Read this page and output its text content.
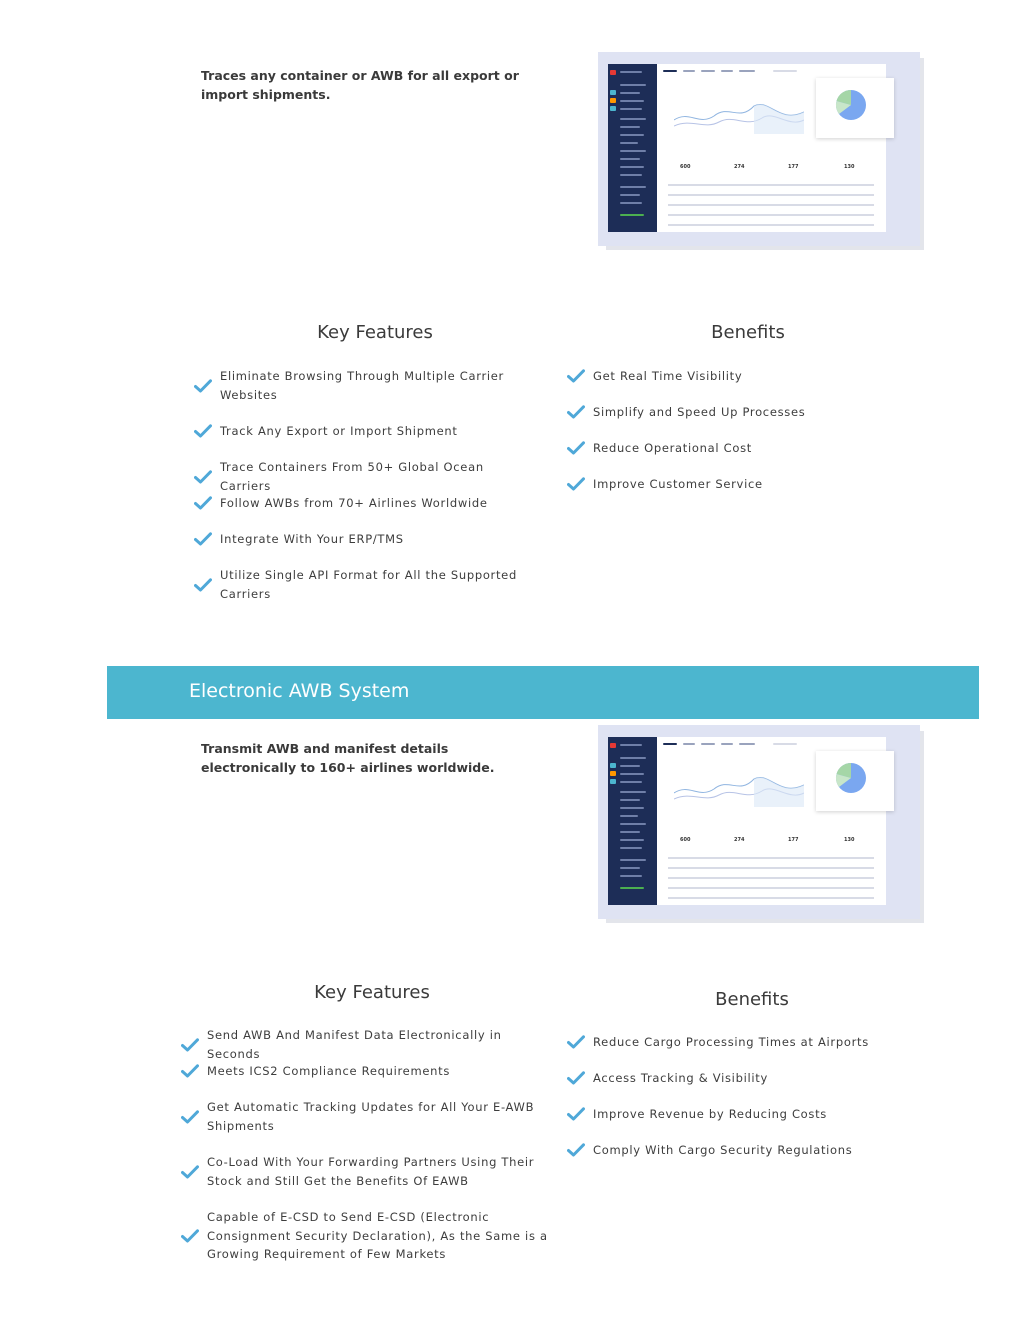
Traces any container or AWB for all export or import shipments.
600	274	177	130
Key Features	Benefits
Eliminate Browsing Through Multiple Carrier Websites
Track Any Export or Import Shipment
Trace Containers From 50+ Global Ocean Carriers
Follow AWBs from 70+ Airlines Worldwide
Integrate With Your ERP/TMS
Utilize Single API Format for All the Supported Carriers
Get Real Time Visibility
Simplify and Speed Up Processes
Reduce Operational Cost
Improve Customer Service
Electronic AWB System
Transmit AWB and manifest details electronically to 160+ airlines worldwide.
600	274	177	130
Key Features	Benefits
Send AWB And Manifest Data Electronically in Seconds
Meets ICS2 Compliance Requirements
Get Automatic Tracking Updates for All Your E-AWB Shipments
Co-Load With Your Forwarding Partners Using Their Stock and Still Get the Benefits Of EAWB
Capable of E-CSD to Send E-CSD (Electronic Consignment Security Declaration), As the Same is a Growing Requirement of Few Markets
Reduce Cargo Processing Times at Airports
Access Tracking & Visibility
Improve Revenue by Reducing Costs
Comply With Cargo Security Regulations
